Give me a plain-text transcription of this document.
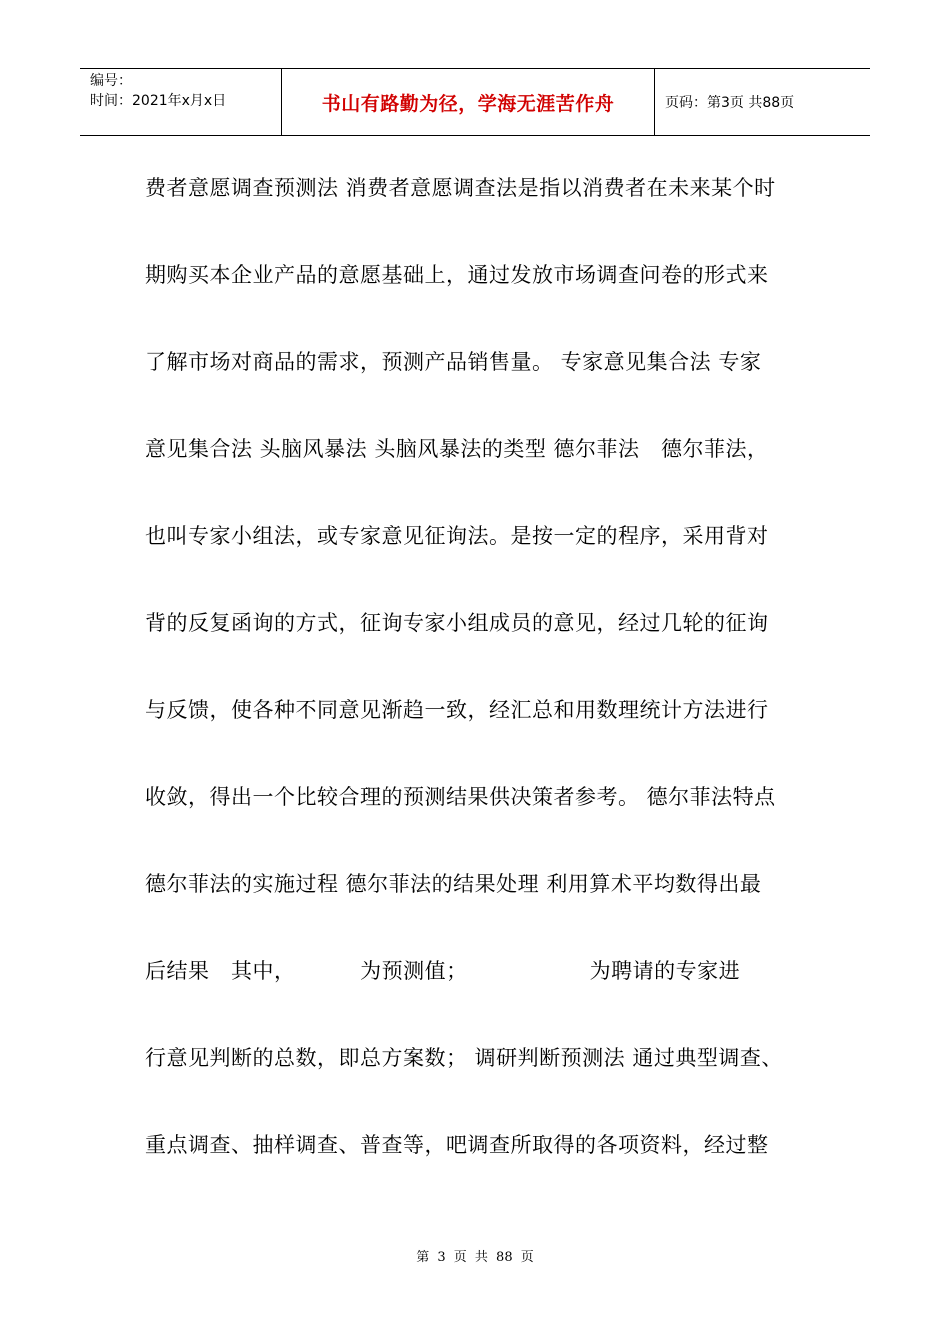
编号：
时间：2021年x月x日	书山有路勤为径，学海无涯苦作舟	页码：第3页 共88页
费者意愿调查预测法 消费者意愿调查法是指以消费者在未来某个时
期购买本企业产品的意愿基础上，通过发放市场调查问卷的形式来
了解市场对商品的需求，预测产品销售量。 专家意见集合法 专家
意见集合法 头脑风暴法 头脑风暴法的类型 德尔菲法   德尔菲法，
也叫专家小组法，或专家意见征询法。是按一定的程序，采用背对
背的反复函询的方式，征询专家小组成员的意见，经过几轮的征询
与反馈，使各种不同意见渐趋一致，经汇总和用数理统计方法进行
收敛，得出一个比较合理的预测结果供决策者参考。 德尔菲法特点
德尔菲法的实施过程 德尔菲法的结果处理 利用算术平均数得出最
后结果   其中，         为预测值；                 为聘请的专家进
行意见判断的总数，即总方案数； 调研判断预测法 通过典型调查、
重点调查、抽样调查、普查等，吧调查所取得的各项资料，经过整
第 3 页 共 88 页
